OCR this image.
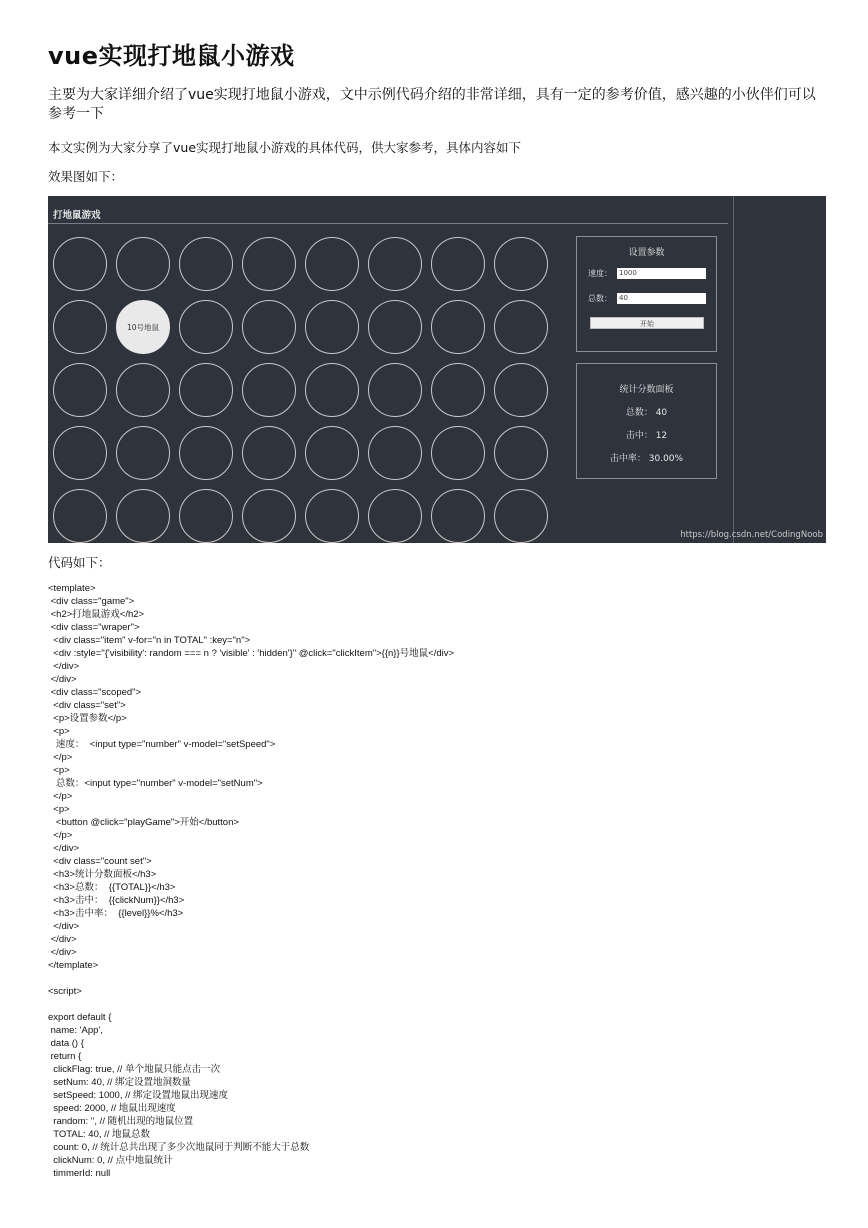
vue实现打地鼠小游戏

主要为大家详细介绍了vue实现打地鼠小游戏，文中示例代码介绍的非常详细，具有一定的参考价值，感兴趣的小伙伴们可以参考一下

本文实例为大家分享了vue实现打地鼠小游戏的具体代码，供大家参考，具体内容如下

效果图如下：

打地鼠游戏
10号地鼠
设置参数
速度：	1000
总数：	40
开始
统计分数面板
总数： 40
击中： 12
击中率： 30.00%
https://blog.csdn.net/CodingNoob

代码如下：

<template>
<div class="game">
<h2>打地鼠游戏</h2>
<div class="wraper">
<div class="item" v-for="n in TOTAL" :key="n">
<div :style="{'visibility': random === n ? 'visible' : 'hidden'}" @click="clickItem">{{n}}号地鼠</div>
</div>
</div>
<div class="scoped">
<div class="set">
<p>设置参数</p>
<p>
速度：  <input type="number" v-model="setSpeed">
</p>
<p>
总数：<input type="number" v-model="setNum">
</p>
<p>
<button @click="playGame">开始</button>
</p>
</div>
<div class="count set">
<h3>统计分数面板</h3>
<h3>总数：  {{TOTAL}}</h3>
<h3>击中：  {{clickNum}}</h3>
<h3>击中率：  {{level}}%</h3>
</div>
</div>
</div>
</template>

<script>

export default {
name: 'App',
data () {
return {
clickFlag: true, // 单个地鼠只能点击一次
setNum: 40, // 绑定设置地洞数量
setSpeed: 1000, // 绑定设置地鼠出现速度
speed: 2000, // 地鼠出现速度
random: '', // 随机出现的地鼠位置
TOTAL: 40, // 地鼠总数
count: 0, // 统计总共出现了多少次地鼠同于判断不能大于总数
clickNum: 0, // 点中地鼠统计
timmerId: null
